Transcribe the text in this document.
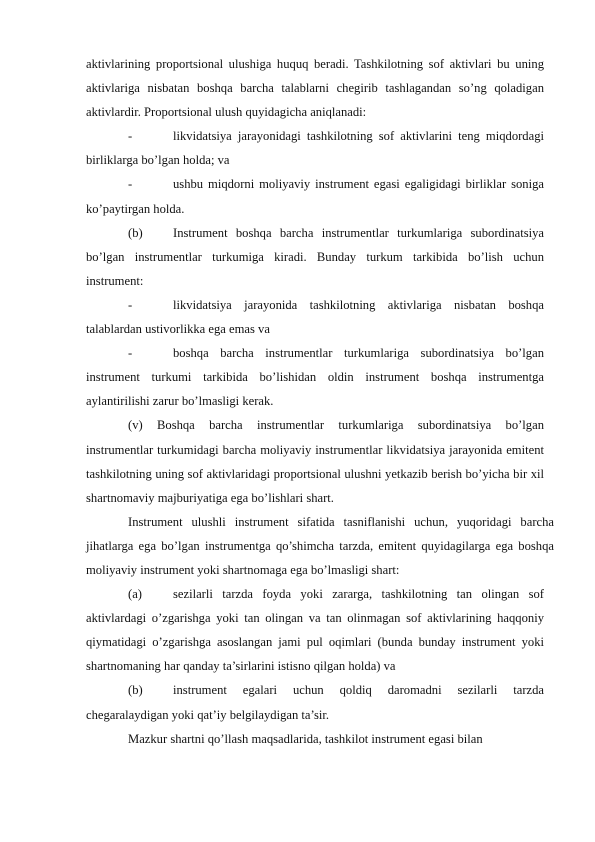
aktivlarining proportsional ulushiga huquq beradi. Tashkilotning sof aktivlari bu uning aktivlariga nisbatan boshqa barcha talablarni chegirib tashlagandan so’ng qoladigan aktivlardir. Proportsional ulush quyidagicha aniqlanadi:

-	likvidatsiya jarayonidagi tashkilotning sof aktivlarini teng miqdordagi birliklarga bo’lgan holda; va

-	ushbu miqdorni moliyaviy instrument egasi egaligidagi birliklar soniga ko’paytirgan holda.

(b) Instrument boshqa barcha instrumentlar turkumlariga subordinatsiya bo’lgan instrumentlar turkumiga kiradi. Bunday turkum tarkibida bo’lish uchun instrument:

-	likvidatsiya jarayonida tashkilotning aktivlariga nisbatan boshqa talablardan ustivorlikka ega emas va

-	boshqa barcha instrumentlar turkumlariga subordinatsiya bo’lgan instrument turkumi tarkibida bo’lishidan oldin instrument boshqa instrumentga aylantirilishi zarur bo’lmasligi kerak.

(v) Boshqa barcha instrumentlar turkumlariga subordinatsiya bo’lgan instrumentlar turkumidagi barcha moliyaviy instrumentlar likvidatsiya jarayonida emitent tashkilotning uning sof aktivlaridagi proportsional ulushni yetkazib berish bo’yicha bir xil shartnomaviy majburiyatiga ega bo’lishlari shart.

Instrument ulushli instrument sifatida tasniflanishi uchun, yuqoridagi barcha jihatlarga ega bo’lgan instrumentga qo’shimcha tarzda, emitent quyidagilarga ega boshqa moliyaviy instrument yoki shartnomaga ega bo’lmasligi shart:

(a) sezilarli tarzda foyda yoki zararga, tashkilotning tan olingan sof aktivlardagi o’zgarishga yoki tan olingan va tan olinmagan sof aktivlarining haqqoniy qiymatidagi o’zgarishga asoslangan jami pul oqimlari (bunda bunday instrument yoki shartnomaning har qanday ta’sirlarini istisno qilgan holda) va

(b) instrument egalari uchun qoldiq daromadni sezilarli tarzda chegaralaydigan yoki qat’iy belgilaydigan ta’sir.

Mazkur shartni qo’llash maqsadlarida, tashkilot instrument egasi bilan
